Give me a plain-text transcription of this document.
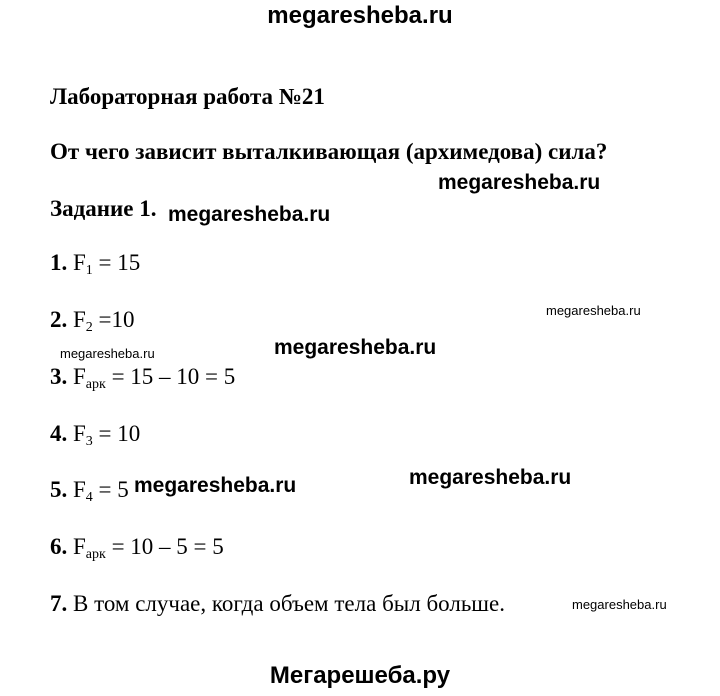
megaresheba.ru
Лабораторная работа №21
От чего зависит выталкивающая (архимедова) сила?
megaresheba.ru
Задание 1. megaresheba.ru
1. $F_1 = 15$
megaresheba.ru
2. $F_2 =10$
megaresheba.ru	megaresheba.ru
3. $F_{арк} = 15 - 10 = 5$
4. $F_3 = 10$
megaresheba.ru
5. $F_4 = 5$ megaresheba.ru
6. $F_{арк} = 10 - 5 = 5$
7. В том случае, когда объем тела был больше.	megaresheba.ru
Мегарешеба.ру
